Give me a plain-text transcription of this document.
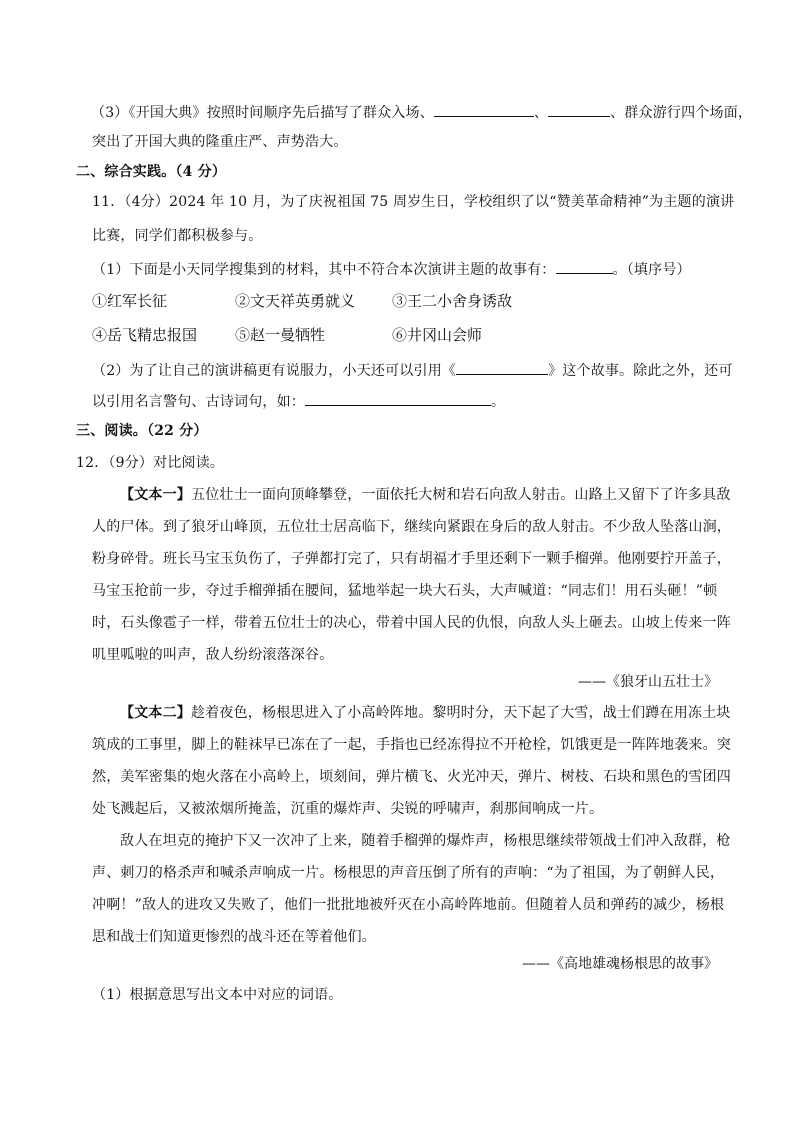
（3）《开国大典》按照时间顺序先后描写了群众入场、	、	、群众游行四个场面，
突出了开国大典的隆重庄严、声势浩大。
二、综合实践。（4 分）
11．（4分）2024 年 10 月，为了庆祝祖国 75 周岁生日，学校组织了以“赞美革命精神”为主题的演讲
比赛，同学们都积极参与。
（1）下面是小天同学搜集到的材料，其中不符合本次演讲主题的故事有：	。（填序号）
①红军长征	②文天祥英勇就义 ③王二小舍身诱敌
④岳飞精忠报国	⑤赵一曼牺牲	⑥井冈山会师
（2）为了让自己的演讲稿更有说服力，小天还可以引用《	》这个故事。除此之外，还可
以引用名言警句、古诗词句，如：	。
三、阅读。（22 分）
12．（9分）对比阅读。
【文本一】五位壮士一面向顶峰攀登，一面依托大树和岩石向敌人射击。山路上又留下了许多具敌
人的尸体。到了狼牙山峰顶，五位壮士居高临下，继续向紧跟在身后的敌人射击。不少敌人坠落山涧，
粉身碎骨。班长马宝玉负伤了，子弹都打完了，只有胡福才手里还剩下一颗手榴弹。他刚要拧开盖子，
马宝玉抢前一步，夺过手榴弹插在腰间，猛地举起一块大石头，大声喊道：“同志们！用石头砸！”顿
时，石头像雹子一样，带着五位壮士的决心，带着中国人民的仇恨，向敌人头上砸去。山坡上传来一阵
叽里呱啦的叫声，敌人纷纷滚落深谷。
——《狼牙山五壮士》
【文本二】趁着夜色，杨根思进入了小高岭阵地。黎明时分，天下起了大雪，战士们蹲在用冻土块
筑成的工事里，脚上的鞋袜早已冻在了一起，手指也已经冻得拉不开枪栓，饥饿更是一阵阵地袭来。突
然，美军密集的炮火落在小高岭上，顷刻间，弹片横飞、火光冲天，弹片、树枝、石块和黑色的雪团四
处飞溅起后，又被浓烟所掩盖，沉重的爆炸声、尖锐的呼啸声，刹那间响成一片。
敌人在坦克的掩护下又一次冲了上来，随着手榴弹的爆炸声，杨根思继续带领战士们冲入敌群，枪
声、刺刀的格杀声和喊杀声响成一片。杨根思的声音压倒了所有的声响：“为了祖国，为了朝鲜人民，
冲啊！”敌人的进攻又失败了，他们一批批地被歼灭在小高岭阵地前。但随着人员和弹药的减少，杨根
思和战士们知道更惨烈的战斗还在等着他们。
——《高地雄魂杨根思的故事》
（1）根据意思写出文本中对应的词语。
